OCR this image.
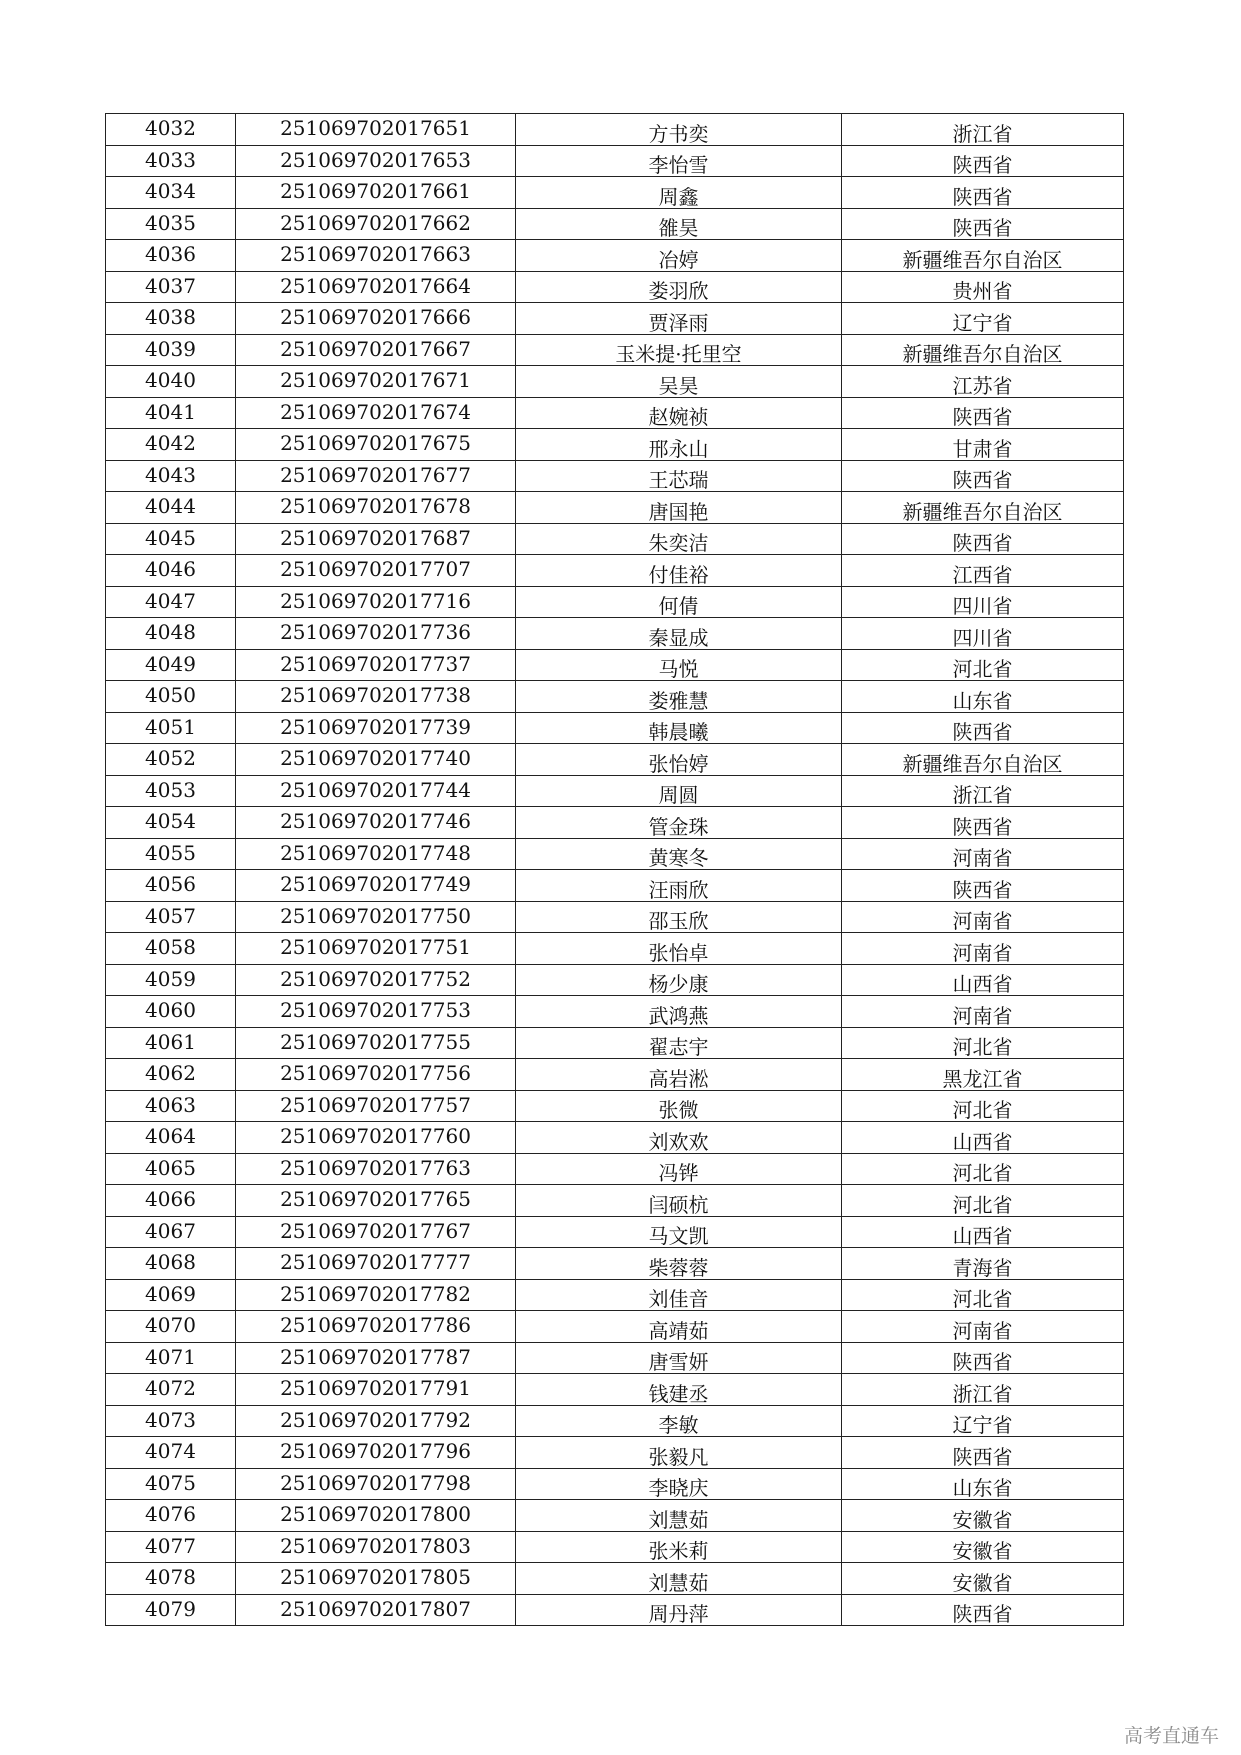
4032	251069702017651	方书奕	浙江省
4033	251069702017653	李怡雪	陕西省
4034	251069702017661	周鑫	陕西省
4035	251069702017662	雒昊	陕西省
4036	251069702017663	冶婷	新疆维吾尔自治区
4037	251069702017664	娄羽欣	贵州省
4038	251069702017666	贾泽雨	辽宁省
4039	251069702017667	玉米提·托里空	新疆维吾尔自治区
4040	251069702017671	吴昊	江苏省
4041	251069702017674	赵婉祯	陕西省
4042	251069702017675	邢永山	甘肃省
4043	251069702017677	王芯瑞	陕西省
4044	251069702017678	唐国艳	新疆维吾尔自治区
4045	251069702017687	朱奕洁	陕西省
4046	251069702017707	付佳裕	江西省
4047	251069702017716	何倩	四川省
4048	251069702017736	秦显成	四川省
4049	251069702017737	马悦	河北省
4050	251069702017738	娄雅慧	山东省
4051	251069702017739	韩晨曦	陕西省
4052	251069702017740	张怡婷	新疆维吾尔自治区
4053	251069702017744	周圆	浙江省
4054	251069702017746	管金珠	陕西省
4055	251069702017748	黄寒冬	河南省
4056	251069702017749	汪雨欣	陕西省
4057	251069702017750	邵玉欣	河南省
4058	251069702017751	张怡卓	河南省
4059	251069702017752	杨少康	山西省
4060	251069702017753	武鸿燕	河南省
4061	251069702017755	翟志宇	河北省
4062	251069702017756	高岩淞	黑龙江省
4063	251069702017757	张微	河北省
4064	251069702017760	刘欢欢	山西省
4065	251069702017763	冯铧	河北省
4066	251069702017765	闫硕杭	河北省
4067	251069702017767	马文凯	山西省
4068	251069702017777	柴蓉蓉	青海省
4069	251069702017782	刘佳音	河北省
4070	251069702017786	高靖茹	河南省
4071	251069702017787	唐雪妍	陕西省
4072	251069702017791	钱建丞	浙江省
4073	251069702017792	李敏	辽宁省
4074	251069702017796	张毅凡	陕西省
4075	251069702017798	李晓庆	山东省
4076	251069702017800	刘慧茹	安徽省
4077	251069702017803	张米莉	安徽省
4078	251069702017805	刘慧茹	安徽省
4079	251069702017807	周丹萍	陕西省
高考直通车
